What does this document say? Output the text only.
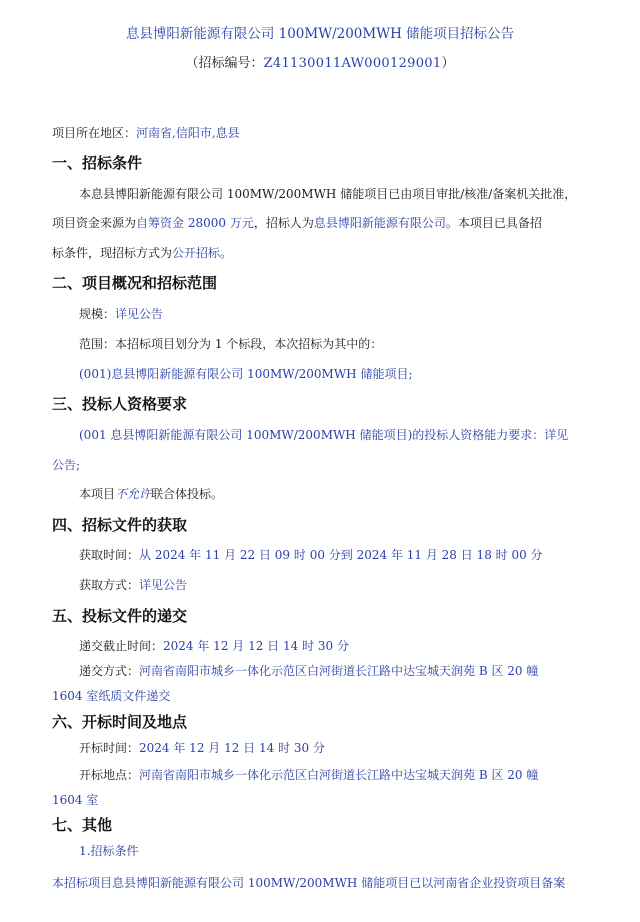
息县博阳新能源有限公司 100MW/200MWH 储能项目招标公告
（招标编号：Z41130011AW000129001）
项目所在地区：河南省,信阳市,息县
一、招标条件
本息县博阳新能源有限公司 100MW/200MWH 储能项目已由项目审批/核准/备案机关批准，
项目资金来源为自筹资金 28000 万元，招标人为息县博阳新能源有限公司。本项目已具备招
标条件，现招标方式为公开招标。
二、项目概况和招标范围
规模：详见公告
范围：本招标项目划分为 1 个标段，本次招标为其中的：
(001)息县博阳新能源有限公司 100MW/200MWH 储能项目;
三、投标人资格要求
(001 息县博阳新能源有限公司 100MW/200MWH 储能项目)的投标人资格能力要求：详见
公告;
本项目不允许联合体投标。
四、招标文件的获取
获取时间：从 2024 年 11 月 22 日 09 时 00 分到 2024 年 11 月 28 日 18 时 00 分
获取方式：详见公告
五、投标文件的递交
递交截止时间：2024 年 12 月 12 日 14 时 30 分
递交方式：河南省南阳市城乡一体化示范区白河街道长江路中达宝城天润苑 B 区 20 幢
1604 室纸质文件递交
六、开标时间及地点
开标时间：2024 年 12 月 12 日 14 时 30 分
开标地点：河南省南阳市城乡一体化示范区白河街道长江路中达宝城天润苑 B 区 20 幢
1604 室
七、其他
1.招标条件
本招标项目息县博阳新能源有限公司 100MW/200MWH 储能项目已以河南省企业投资项目备案
